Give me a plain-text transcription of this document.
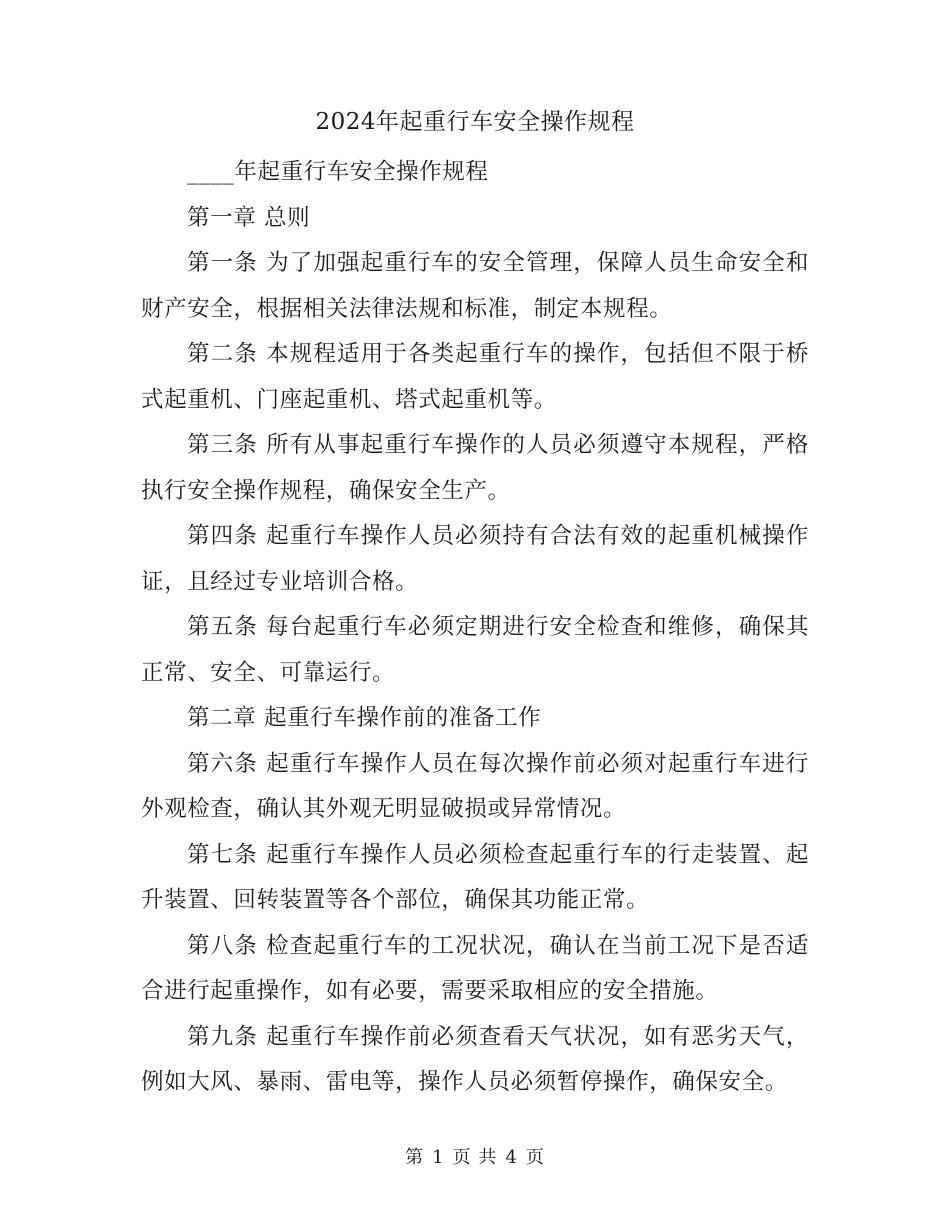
2024年起重行车安全操作规程

____年起重行车安全操作规程

第一章 总则

第一条 为了加强起重行车的安全管理，保障人员生命安全和财产安全，根据相关法律法规和标准，制定本规程。

第二条 本规程适用于各类起重行车的操作，包括但不限于桥式起重机、门座起重机、塔式起重机等。

第三条 所有从事起重行车操作的人员必须遵守本规程，严格执行安全操作规程，确保安全生产。

第四条 起重行车操作人员必须持有合法有效的起重机械操作证，且经过专业培训合格。

第五条 每台起重行车必须定期进行安全检查和维修，确保其正常、安全、可靠运行。

第二章 起重行车操作前的准备工作

第六条 起重行车操作人员在每次操作前必须对起重行车进行外观检查，确认其外观无明显破损或异常情况。

第七条 起重行车操作人员必须检查起重行车的行走装置、起升装置、回转装置等各个部位，确保其功能正常。

第八条 检查起重行车的工况状况，确认在当前工况下是否适合进行起重操作，如有必要，需要采取相应的安全措施。

第九条 起重行车操作前必须查看天气状况，如有恶劣天气，例如大风、暴雨、雷电等，操作人员必须暂停操作，确保安全。

第 1 页 共 4 页
